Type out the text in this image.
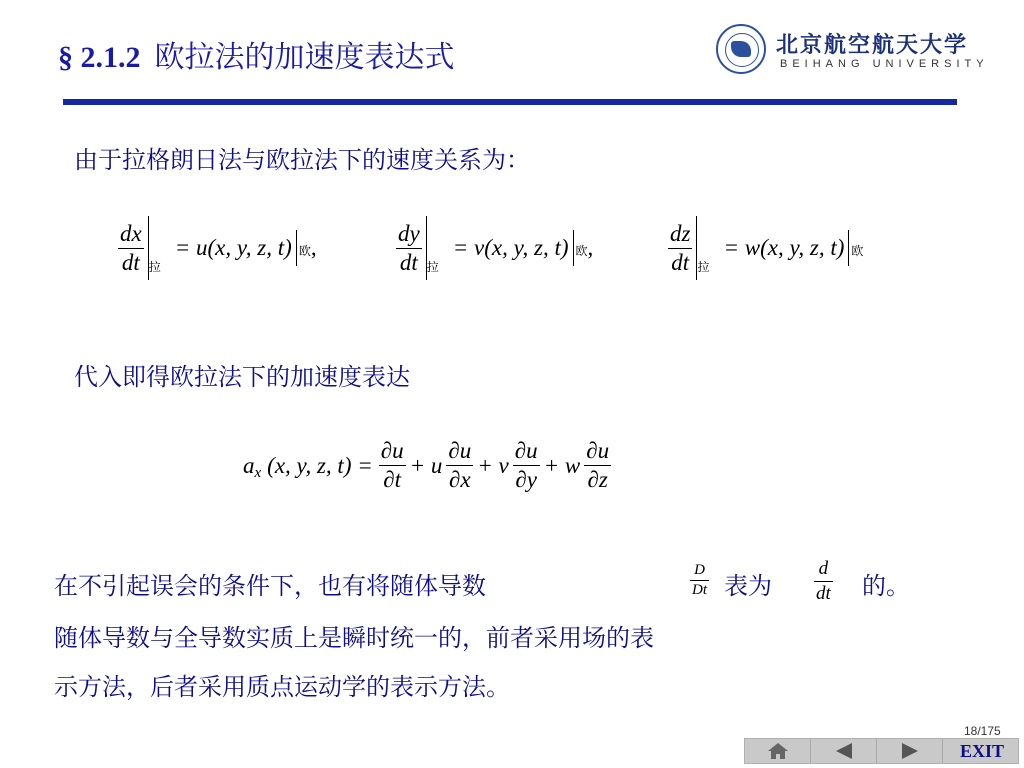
§ 2.1.2 欧拉法的加速度表达式	北京航空航天大学
BEIHANG UNIVERSITY
由于拉格朗日法与欧拉法下的速度关系为：
$\frac{dx}{dt}$ 拉
= u(x, y, z, t) 欧 ,	$\frac{dy}{dt}$ 拉
= v(x, y, z, t) 欧 ,	$\frac{dz}{dt}$ 拉
= w(x, y, z, t) 欧
代入即得欧拉法下的加速度表达
a x (x, y, z, $t) = \frac{\partial u}{\partial t} + u \frac{\partial u}{\partial x} + v \frac{\partial u}{\partial y} + w \frac{\partial u}{\partial z}$
在不引起误会的条件下，也有将随体导数	$\frac{D}{Dt}$ 表为 $\frac{d}{dt}$ 的。
随体导数与全导数实质上是瞬时统一的，前者采用场的表
示方法，后者采用质点运动学的表示方法。
18/175
EXIT
